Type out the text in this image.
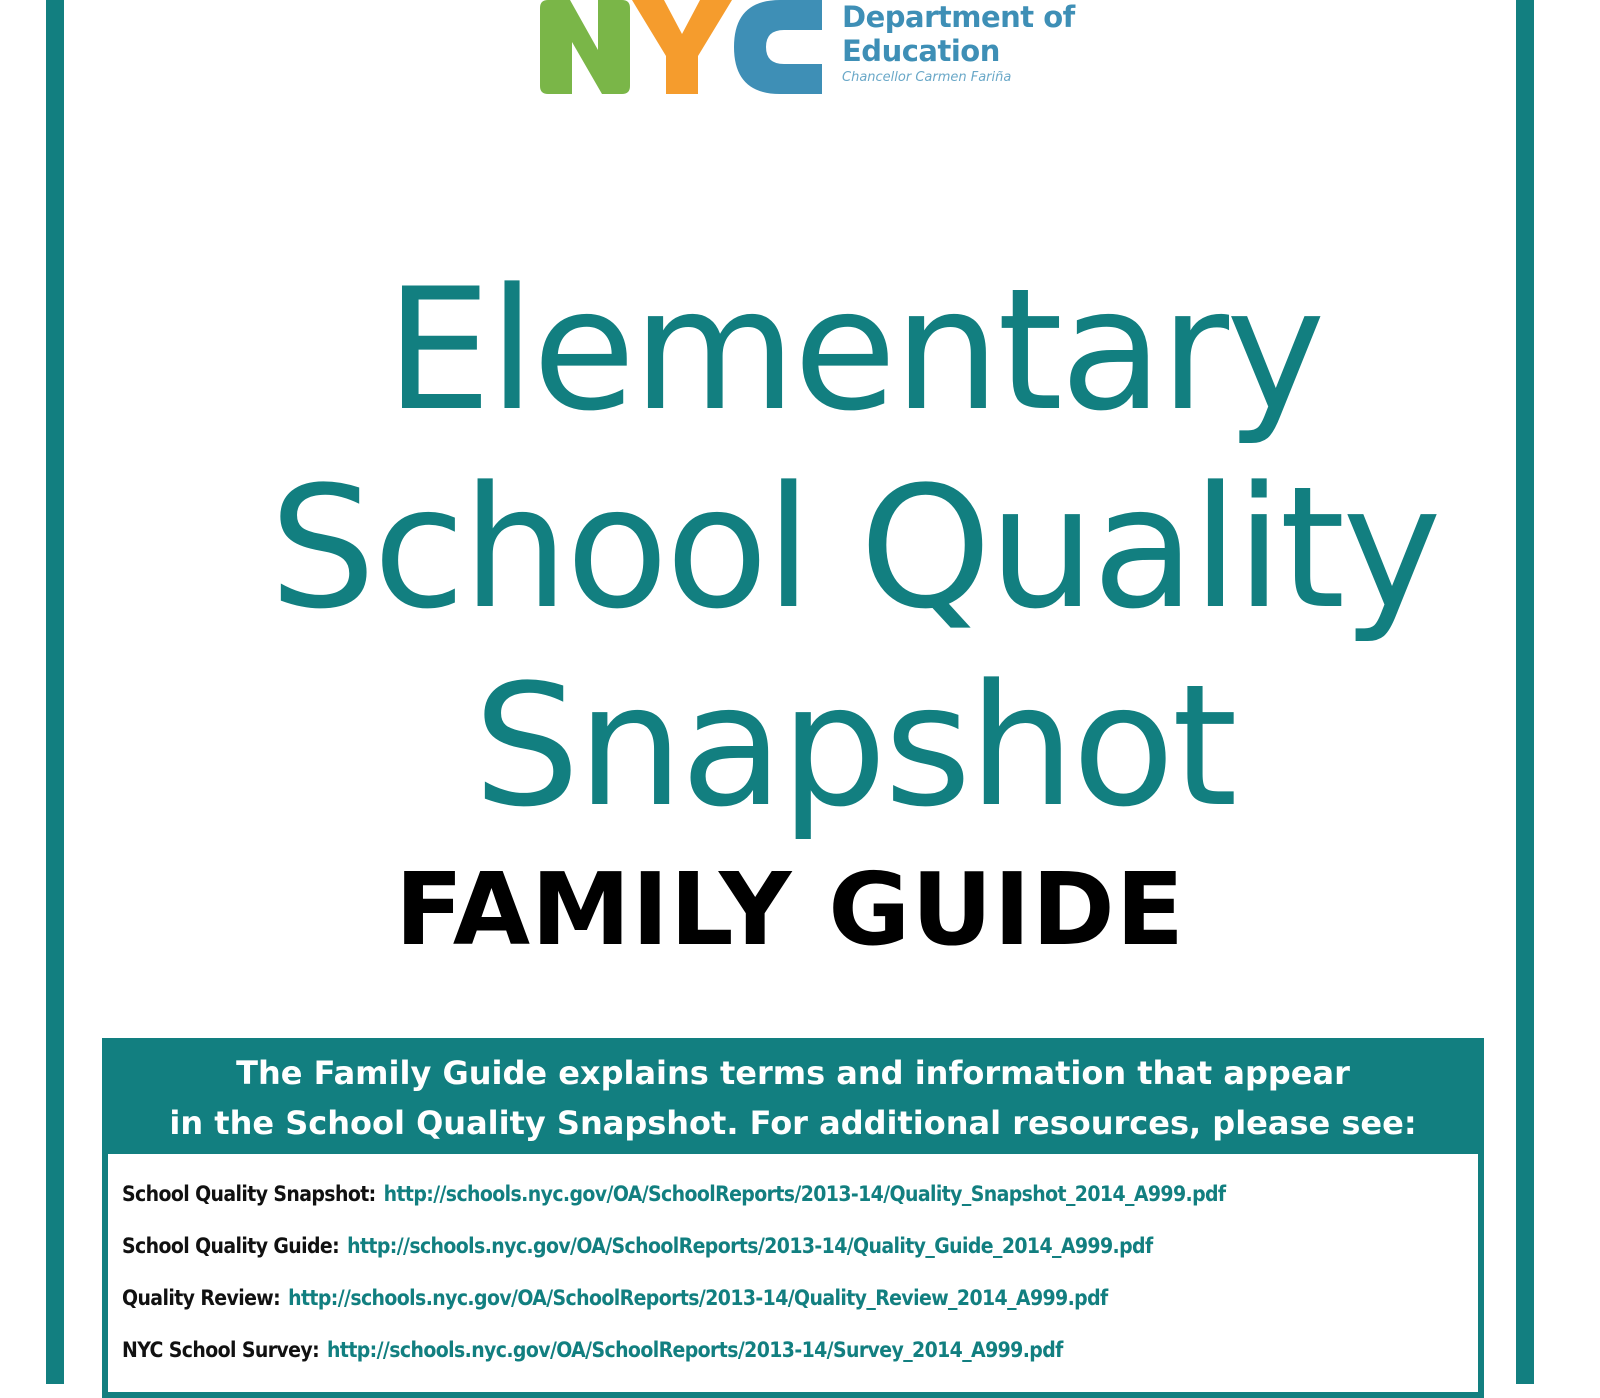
Department of
Education
Chancellor Carmen Fariña
Elementary
School Quality
Snapshot
FAMILY GUIDE
The Family Guide explains terms and information that appear
in the School Quality Snapshot. For additional resources, please see:
School Quality Snapshot: http://schools.nyc.gov/OA/SchoolReports/2013-14/Quality_Snapshot_2014_A999.pdf
School Quality Guide: http://schools.nyc.gov/OA/SchoolReports/2013-14/Quality_Guide_2014_A999.pdf
Quality Review: http://schools.nyc.gov/OA/SchoolReports/2013-14/Quality_Review_2014_A999.pdf
NYC School Survey: http://schools.nyc.gov/OA/SchoolReports/2013-14/Survey_2014_A999.pdf
